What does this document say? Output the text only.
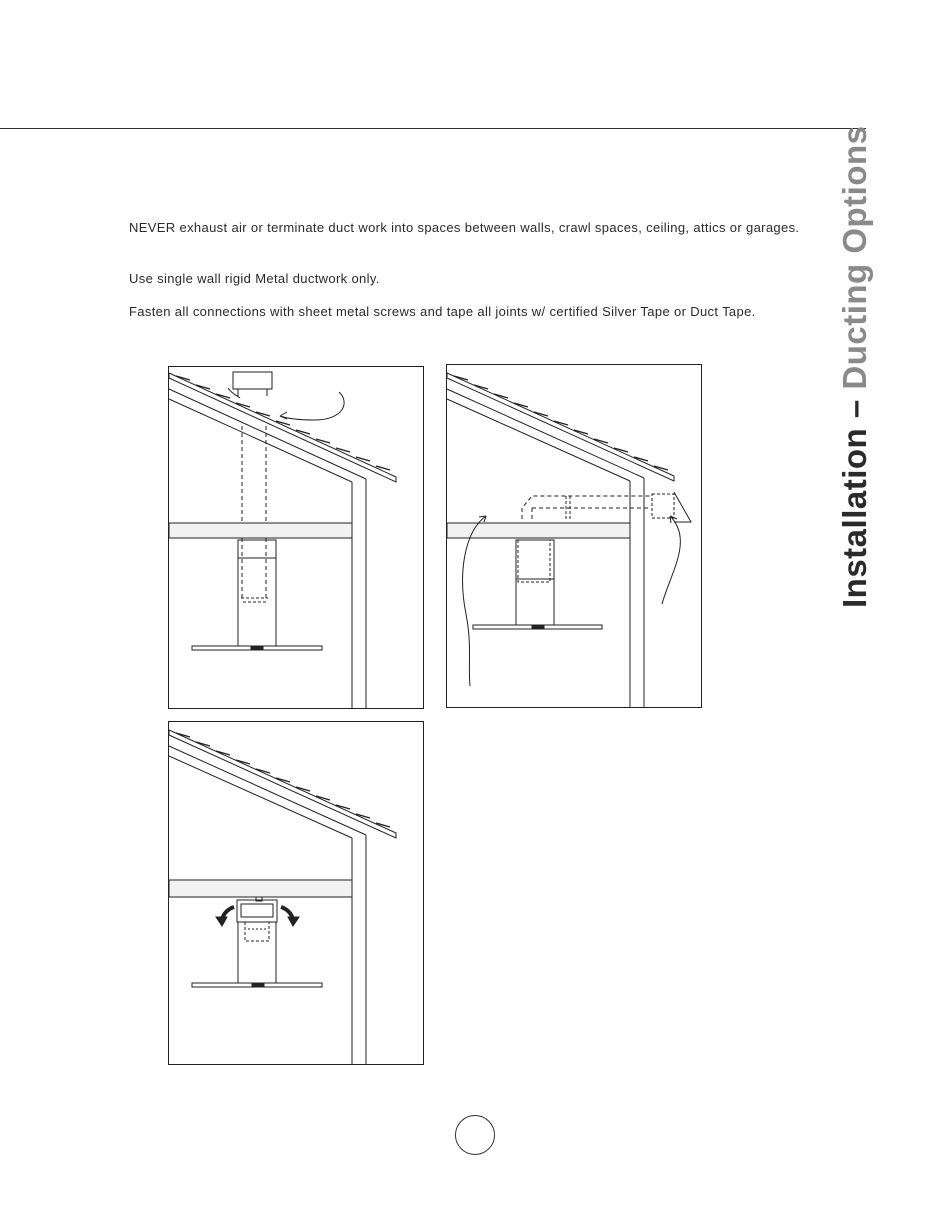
Installation – Ducting Options
NEVER exhaust air or terminate duct work into spaces between walls, crawl spaces, ceiling, attics or garages.
Use single wall rigid Metal ductwork only.
Fasten all connections with sheet metal screws and tape all joints w/ certified Silver Tape or Duct Tape.
